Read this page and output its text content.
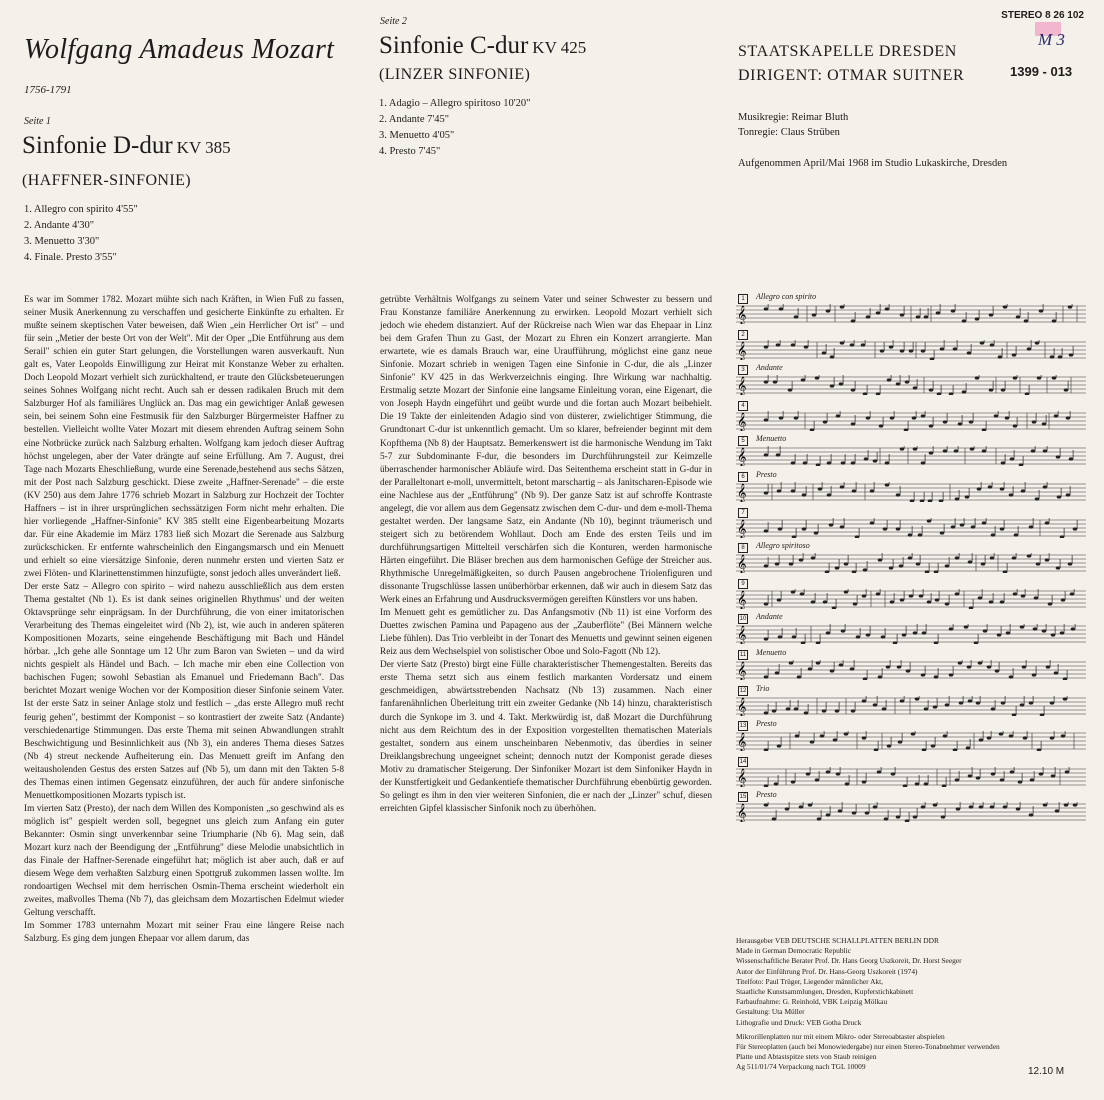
Wolfgang Amadeus Mozart
1756-1791
Seite 1
Sinfonie D-dur KV 385
(HAFFNER-SINFONIE)
1. Allegro con spirito 4'55"
2. Andante 4'30"
3. Menuetto 3'30"
4. Finale. Presto 3'55"
Seite 2
Sinfonie C-dur KV 425
(LINZER SINFONIE)
1. Adagio – Allegro spiritoso 10'20"
2. Andante 7'45"
3. Menuetto 4'05"
4. Presto 7'45"
STEREO 8 26 102
M 3
1399 - 013
STAATSKAPELLE DRESDEN
DIRIGENT: OTMAR SUITNER
Musikregie: Reimar Bluth
Tonregie: Claus Strüben
Aufgenommen April/Mai 1968 im Studio Lukaskirche, Dresden

Es war im Sommer 1782. Mozart mühte sich nach Kräften, in Wien Fuß zu fassen, seiner Musik Anerkennung zu verschaffen und gesicherte Einkünfte zu erhalten. Er mußte seinem skeptischen Vater beweisen, daß Wien „ein Herrlicher Ort ist" – und für sein „Metier der beste Ort von der Welt". Mit der Oper „Die Entführung aus dem Serail" schien ein guter Start gelungen, die Vorstellungen waren ausverkauft. Nun galt es, Vater Leopolds Einwilligung zur Heirat mit Konstanze Weber zu erhalten. Doch Leopold Mozart verhielt sich zurückhaltend, er traute den Glücksbeteuerungen seines Sohnes Wolfgang nicht recht. Auch sah er dessen radikalen Bruch mit dem Salzburger Hof als familiäres Unglück an. Das mag ein gewichtiger Anlaß gewesen sein, bei seinem Sohn eine Festmusik für den Salzburger Bürgermeister Haffner zu bestellen. Vielleicht wollte Vater Mozart mit diesem ehrenden Auftrag seinem Sohn eine Notbrücke zurück nach Salzburg erhalten. Wolfgang kam jedoch dieser Auftrag höchst ungelegen, aber der Vater drängte auf seine Erfüllung. Am 7. August, drei Tage nach Mozarts Eheschließung, wurde eine Serenade,bestehend aus sechs Sätzen, mit der Post nach Salzburg geschickt. Diese zweite „Haffner-Serenade" – die erste (KV 250) aus dem Jahre 1776 schrieb Mozart in Salzburg zur Hochzeit der Tochter Haffners – ist in ihrer ursprünglichen sechssätzigen Form nicht mehr erhalten. Die hier vorliegende „Haffner-Sinfonie" KV 385 stellt eine Eigenbearbeitung Mozarts dar. Für eine Akademie im März 1783 ließ sich Mozart die Serenade aus Salzburg zurückschicken. Er entfernte wahrscheinlich den Eingangsmarsch und ein Menuett und erhielt so eine viersätzige Sinfonie, deren nunmehr ersten und vierten Satz er zwei Flöten- und Klarinettenstimmen hinzufügte, sonst jedoch alles unverändert ließ.

Der erste Satz – Allegro con spirito – wird nahezu ausschließlich aus dem ersten Thema gestaltet (Nb 1). Es ist dank seines originellen Rhythmus' und der weiten Oktavsprünge sehr einprägsam. In der Durchführung, die von einer imitatorischen Verarbeitung des Themas eingeleitet wird (Nb 2), ist, wie auch in anderen späteren Kompositionen Mozarts, seine eingehende Beschäftigung mit Bach und Händel hörbar. „Ich gehe alle Sonntage um 12 Uhr zum Baron van Swieten – und da wird nichts gespielt als Händel und Bach. – Ich mache mir eben eine Collection von bachischen Fugen; sowohl Sebastian als Emanuel und Friedemann Bach". Das berichtet Mozart wenige Wochen vor der Komposition dieser Sinfonie seinem Vater. Ist der erste Satz in seiner Anlage stolz und festlich – „das erste Allegro muß recht feurig gehen", bestimmt der Komponist – so kontrastiert der zweite Satz (Andante) verschiedenartige Stimmungen. Das erste Thema mit seinen Abwandlungen strahlt Beschwichtigung und Besinnlichkeit aus (Nb 3), ein anderes Thema dieses Satzes (Nb 4) streut neckende Aufheiterung ein. Das Menuett greift im Anfang den weitausholenden Gestus des ersten Satzes auf (Nb 5), um dann mit den Takten 5-8 des Themas einen intimen Gegensatz einzuführen, der auch für andere sinfonische Menuettkompositionen Mozarts typisch ist.

Im vierten Satz (Presto), der nach dem Willen des Komponisten „so geschwind als es möglich ist" gespielt werden soll, begegnet uns gleich zum Anfang ein guter Bekannter: Osmin singt unverkennbar seine Triumpharie (Nb 6). Mag sein, daß Mozart kurz nach der Beendigung der „Entführung" diese Melodie unabsichtlich in das Finale der Haffner-Serenade eingeführt hat; möglich ist aber auch, daß er auf diesem Wege dem verhaßten Salzburg einen Spottgruß zukommen lassen wollte. Im rondoartigen Wechsel mit dem herrischen Osmin-Thema erscheint wiederholt ein zweites, maßvolles Thema (Nb 7), das gleichsam dem Mozartischen Edelmut wieder Geltung verschafft.

Im Sommer 1783 unternahm Mozart mit seiner Frau eine längere Reise nach Salzburg. Es ging dem jungen Ehepaar vor allem darum, das

getrübte Verhältnis Wolfgangs zu seinem Vater und seiner Schwester zu bessern und Frau Konstanze familiäre Anerkennung zu erwirken. Leopold Mozart verhielt sich jedoch wie ehedem distanziert. Auf der Rückreise nach Wien war das Ehepaar in Linz bei dem Grafen Thun zu Gast, der Mozart zu Ehren ein Konzert arrangierte. Man erwartete, wie es damals Brauch war, eine Uraufführung, möglichst eine ganz neue Sinfonie. Mozart schrieb in wenigen Tagen eine Sinfonie in C-dur, die als „Linzer Sinfonie" KV 425 in das Werkverzeichnis einging. Ihre Wirkung war nachhaltig. Erstmalig setzte Mozart der Sinfonie eine langsame Einleitung voran, eine Eigenart, die von Joseph Haydn eingeführt und geübt wurde und die fortan auch Mozart beibehielt. Die 19 Takte der einleitenden Adagio sind von düsterer, zwielichtiger Stimmung, die Grundtonart C-dur ist unkenntlich gemacht. Um so klarer, befreiender beginnt mit dem Kopfthema (Nb 8) der Hauptsatz. Bemerkenswert ist die harmonische Wendung im Takt 5-7 zur Subdominante F-dur, die besonders im Durchführungsteil zur Keimzelle überraschender harmonischer Abläufe wird. Das Seitenthema erscheint statt in G-dur in der Paralleltonart e-moll, unvermittelt, betont marschartig – als Janitscharen-Episode wie eine Nachlese aus der „Entführung" (Nb 9). Der ganze Satz ist auf schroffe Kontraste angelegt, die vor allem aus dem Gegensatz zwischen dem C-dur- und dem e-moll-Thema gestaltet werden. Der langsame Satz, ein Andante (Nb 10), beginnt träumerisch und steigert sich zu betörendem Wohllaut. Doch am Ende des ersten Teils und im durchführungsartigen Mittelteil verschärfen sich die Konturen, werden harmonische Härten eingeführt. Die Bläser brechen aus dem harmonischen Gefüge der Streicher aus. Rhythmische Unregelmäßigkeiten, so durch Pausen angebrochene Triolenfiguren und dissonante Trugschlüsse lassen unüberhörbar erkennen, daß wir auch in diesem Satz das Werk eines an Erfahrung und Ausdrucksvermögen gereiften Künstlers vor uns haben.

Im Menuett geht es gemütlicher zu. Das Anfangsmotiv (Nb 11) ist eine Vorform des Duettes zwischen Pamina und Papageno aus der „Zauberflöte" (Bei Männern welche Liebe fühlen). Das Trio verbleibt in der Tonart des Menuetts und gewinnt seinen eigenen Reiz aus dem Wechselspiel von solistischer Oboe und Solo-Fagott (Nb 12).

Der vierte Satz (Presto) birgt eine Fülle charakteristischer Themengestalten. Bereits das erste Thema setzt sich aus einem festlich markanten Vordersatz und einem geschmeidigen, abwärtsstrebenden Nachsatz (Nb 13) zusammen. Nach einer fanfarenähnlichen Überleitung tritt ein zweiter Gedanke (Nb 14) hinzu, charakteristisch durch die Synkope im 3. und 4. Takt. Merkwürdig ist, daß Mozart die Durchführung nicht aus dem Reichtum des in der Exposition vorgestellten thematischen Materials gestaltet, sondern aus einem unscheinbaren Nebenmotiv, das überdies in seiner Dreiklangsbrechung ungeeignet scheint; dennoch nutzt der Komponist gerade dieses Motiv zu dramatischer Steigerung. Der Sinfoniker Mozart ist dem Sinfoniker Haydn in der Kunstfertigkeit und Gedankentiefe thematischer Durchführung ebenbürtig geworden. So gelingt es ihm in den vier weiteren Sinfonien, die er nach der „Linzer" schuf, diesen erreichten Gipfel klassischer Sinfonik noch zu überhöhen.

1	Allegro con spirito
𝄞
2
𝄞
3	Andante
𝄞
4
𝄞
5	Menuetto
𝄞
6	Presto
𝄞
7
𝄞
8	Allegro spiritoso
𝄞
9
𝄞
10 Andante
𝄞
11 Menuetto
𝄞
12 Trio
𝄞
13 Presto
𝄞
14
𝄞
15 Presto
𝄞
Herausgeber VEB DEUTSCHE SCHALLPLATTEN BERLIN DDR
Made in German Democratic Republic
Wissenschaftliche Berater Prof. Dr. Hans Georg Uszkoreit, Dr. Horst Seeger
Autor der Einführung Prof. Dr. Hans-Georg Uszkoreit (1974)
Titelfoto: Paul Trüger, Liegender männlicher Akt,
Staatliche Kunstsammlungen, Dresden, Kupferstichkabinett
Farbaufnahme: G. Reinhold, VBK Leipzig Mölkau
Gestaltung: Uta Müller
Lithografie und Druck: VEB Gotha Druck
Mikrorillenplatten nur mit einem Mikro- oder Stereoabtaster abspielen
Für Stereoplatten (auch bei Monowiedergabe) nur einen Stereo-Tonabnehmer verwenden
Platte und Abtastspitze stets von Staub reinigen
Ag 511/01/74 Verpackung nach TGL 10009	12.10 M
